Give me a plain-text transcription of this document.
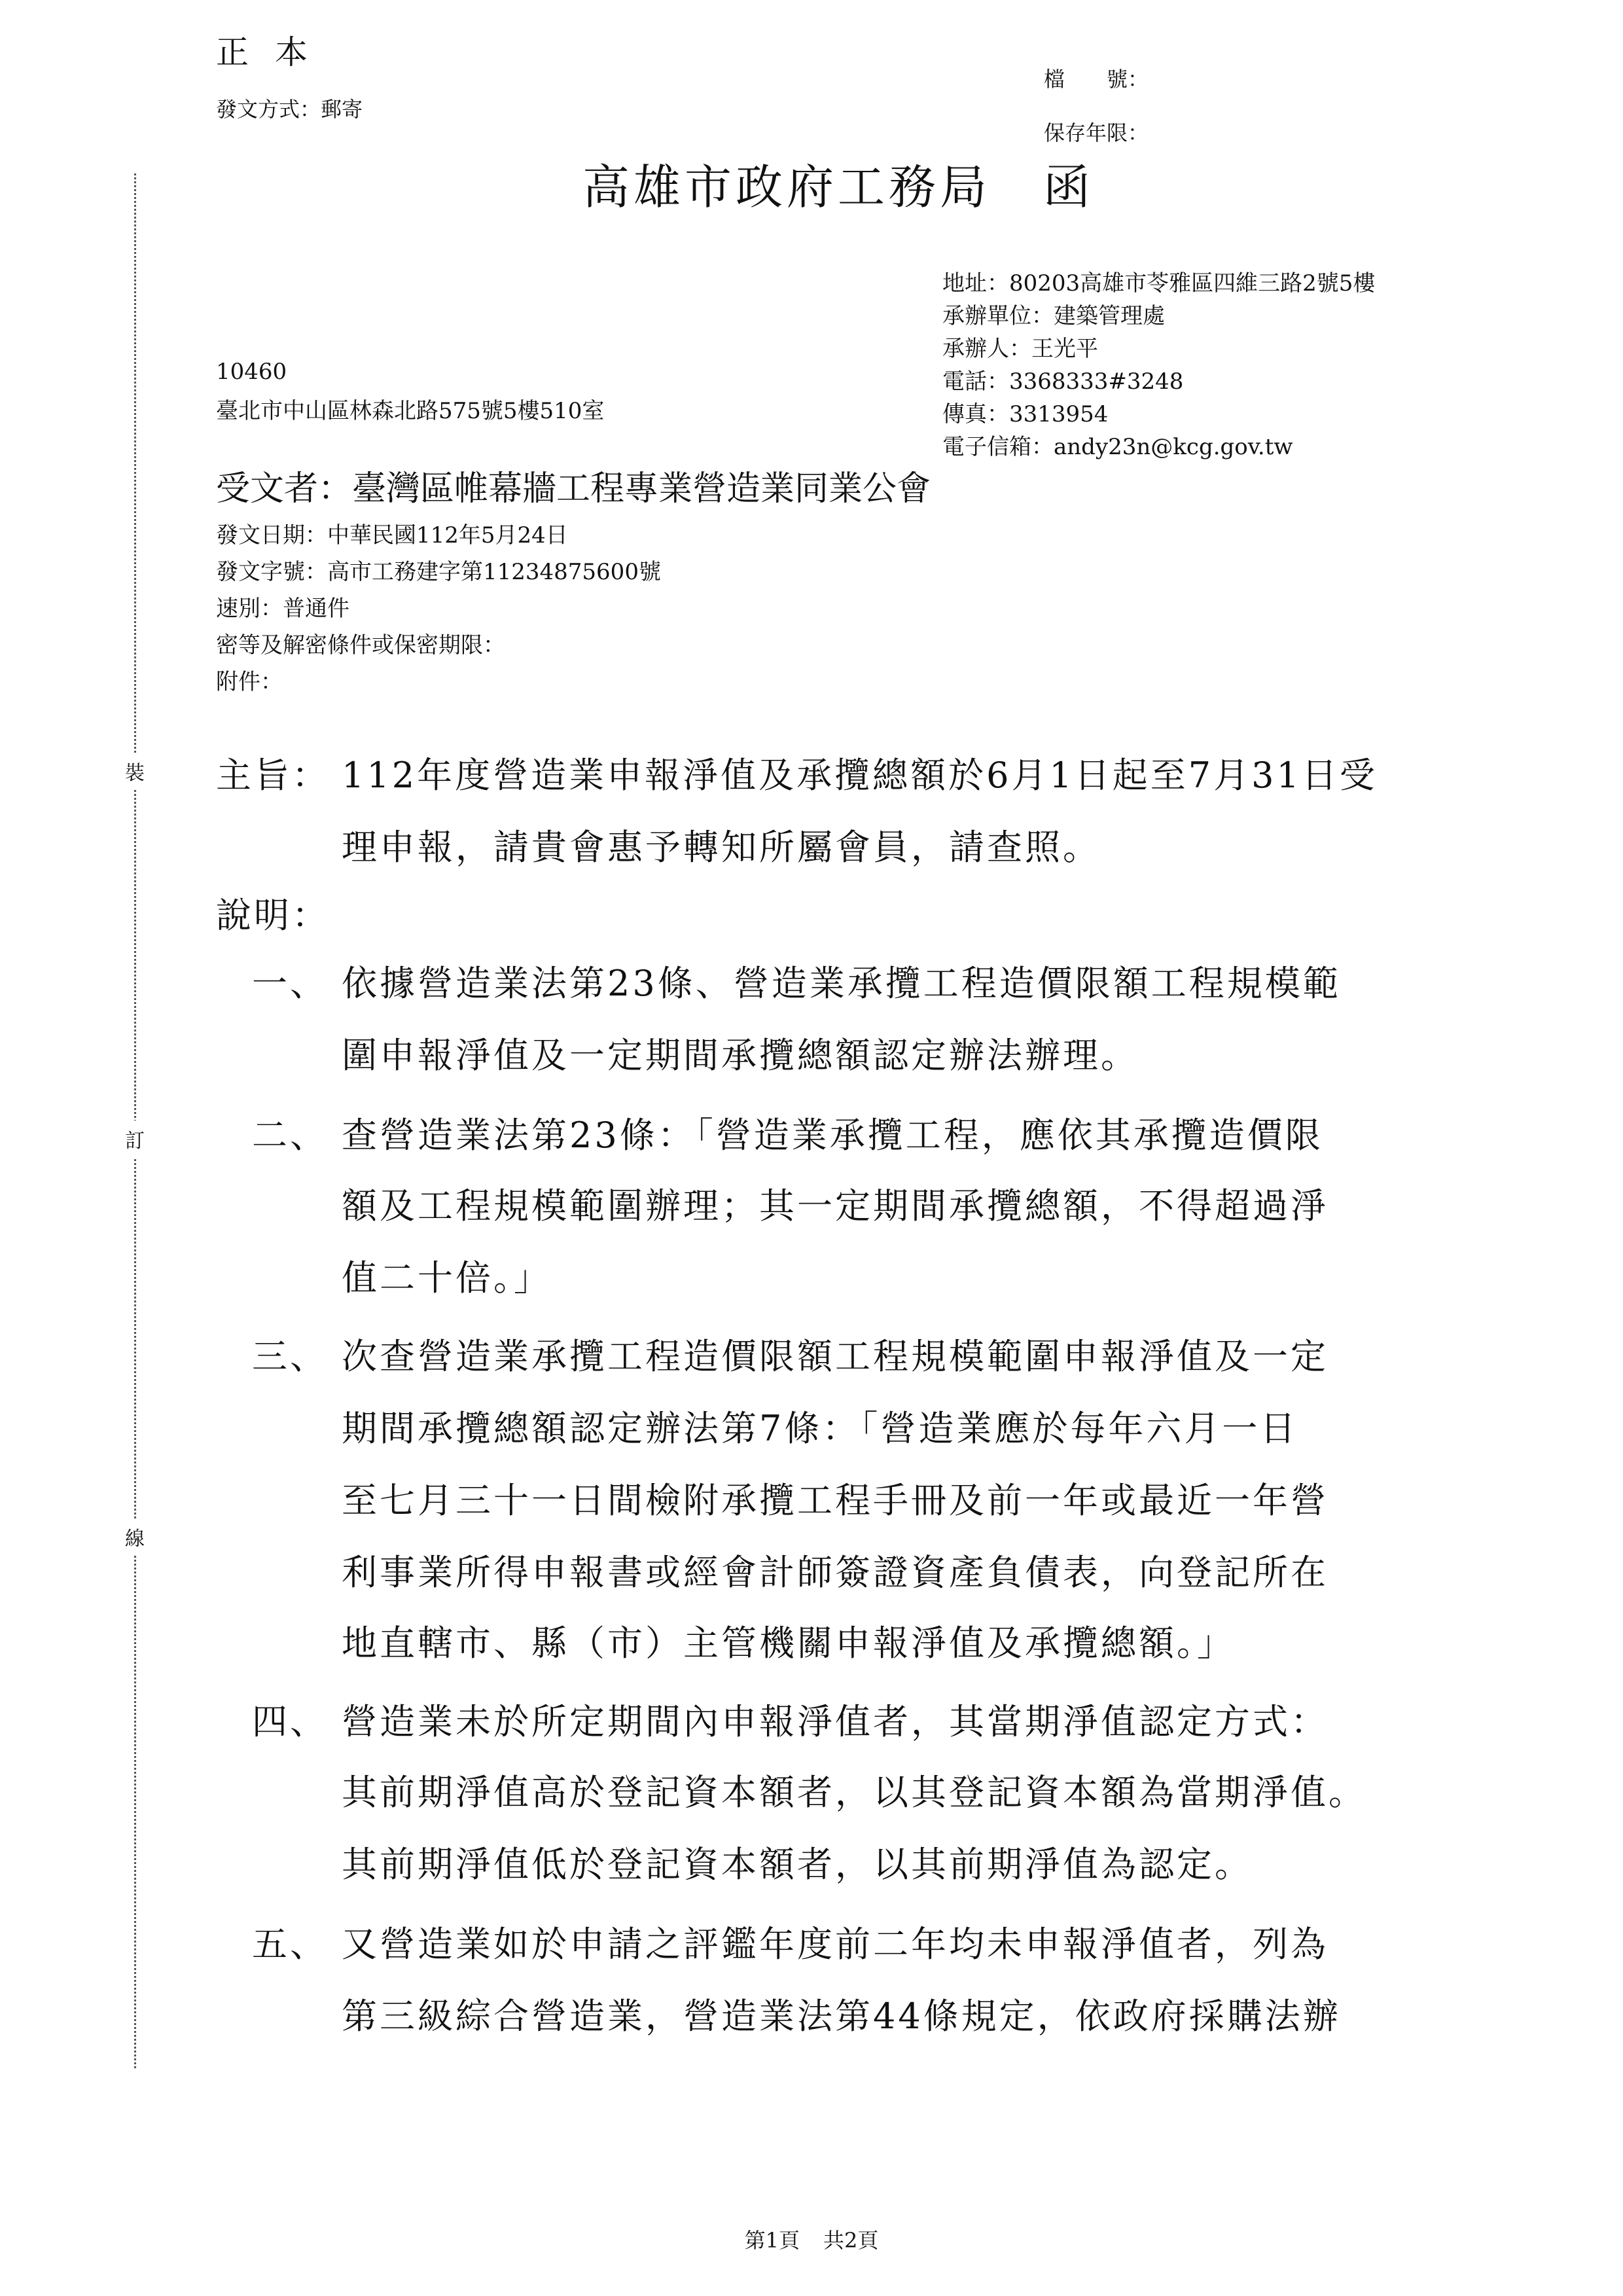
正本
發文方式：郵寄
檔　　號：
保存年限：
高雄市政府工務局 函
地址：80203高雄市苓雅區四維三路2號5樓
承辦單位：建築管理處
承辦人：王光平
電話：3368333#3248
傳真：3313954
電子信箱：andy23n@kcg.gov.tw
10460
臺北市中山區林森北路575號5樓510室
受文者：臺灣區帷幕牆工程專業營造業同業公會
發文日期：中華民國112年5月24日
發文字號：高市工務建字第11234875600號
速別：普通件
密等及解密條件或保密期限：
附件：
裝
訂
線
主旨： 112年度營造業申報淨值及承攬總額於6月1日起至7月31日受
理申報，請貴會惠予轉知所屬會員，請查照。
說明：
一、 依據營造業法第23條、營造業承攬工程造價限額工程規模範
圍申報淨值及一定期間承攬總額認定辦法辦理。
二、 查營造業法第23條：「營造業承攬工程，應依其承攬造價限
額及工程規模範圍辦理；其一定期間承攬總額，不得超過淨
值二十倍。」
三、 次查營造業承攬工程造價限額工程規模範圍申報淨值及一定
期間承攬總額認定辦法第7條：「營造業應於每年六月一日
至七月三十一日間檢附承攬工程手冊及前一年或最近一年營
利事業所得申報書或經會計師簽證資產負債表，向登記所在
地直轄市、縣（市）主管機關申報淨值及承攬總額。」
四、 營造業未於所定期間內申報淨值者，其當期淨值認定方式：
其前期淨值高於登記資本額者，以其登記資本額為當期淨值。
其前期淨值低於登記資本額者，以其前期淨值為認定。
五、 又營造業如於申請之評鑑年度前二年均未申報淨值者，列為
第三級綜合營造業，營造業法第44條規定，依政府採購法辦
第1頁 共2頁
